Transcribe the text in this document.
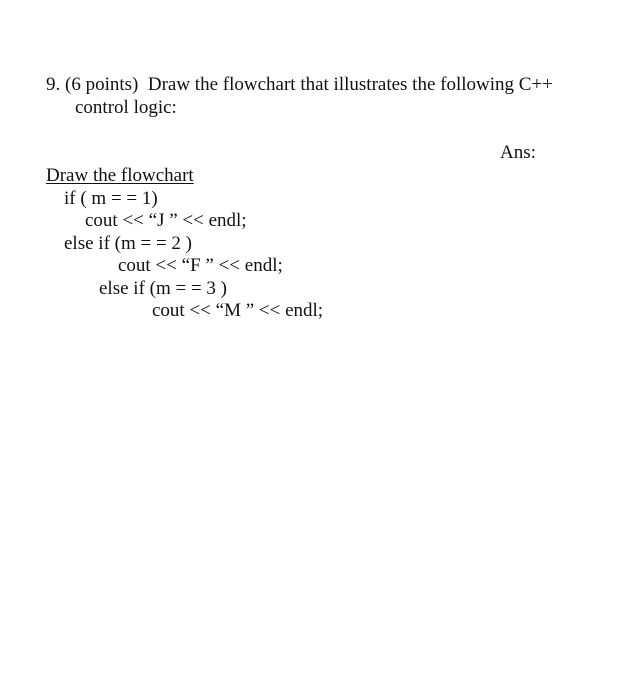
9. (6 points)  Draw the flowchart that illustrates the following C++
control logic:
Ans:
Draw the flowchart
if ( m = = 1)
cout << “J ” << endl;
else if (m = = 2 )
cout << “F ” << endl;
else if (m = = 3 )
cout << “M ” << endl;
